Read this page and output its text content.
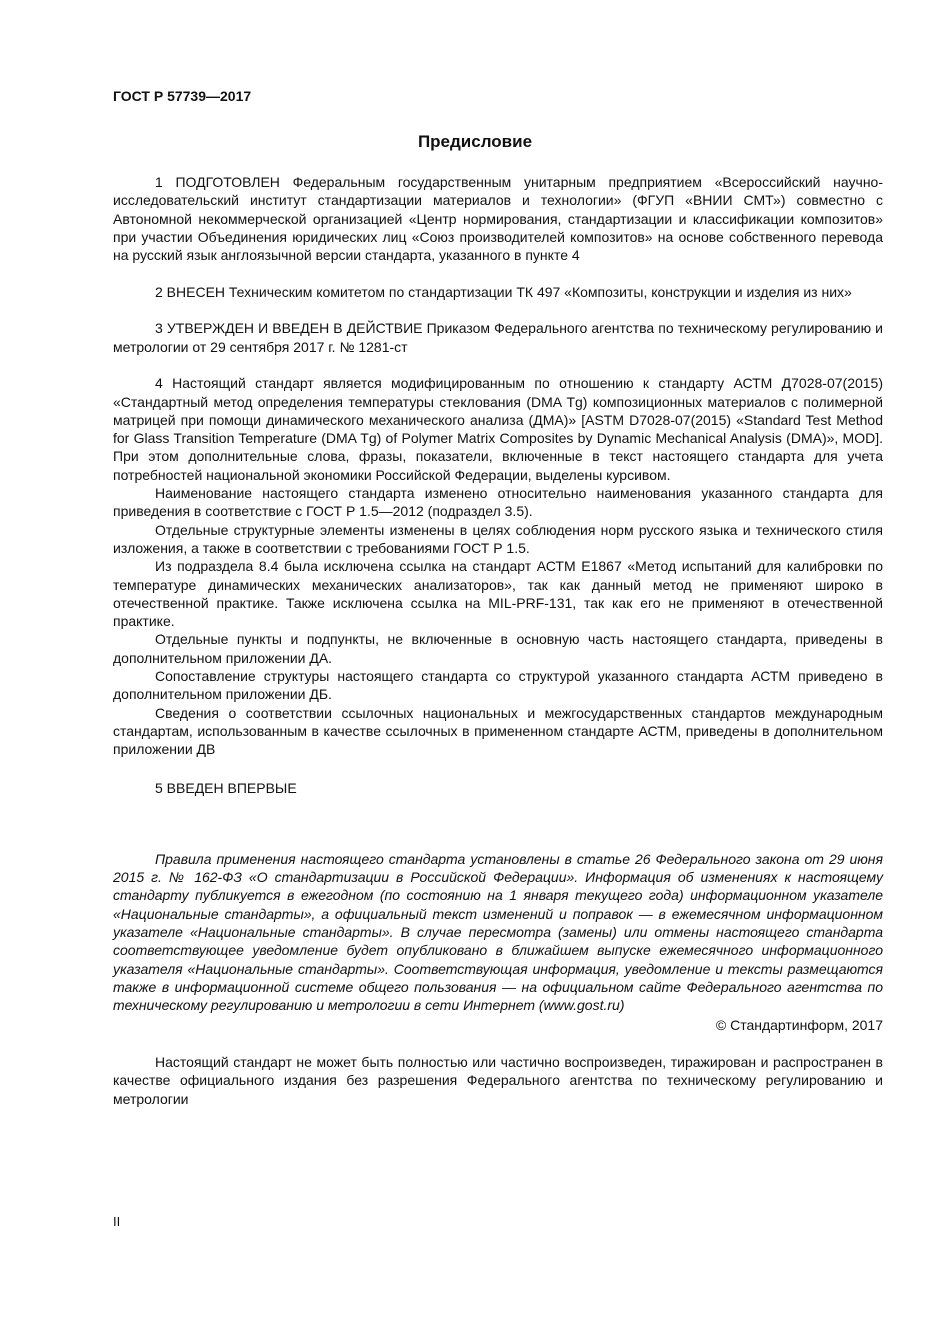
ГОСТ Р 57739—2017
Предисловие

1 ПОДГОТОВЛЕН Федеральным государственным унитарным предприятием «Всероссийский научно-исследовательский институт стандартизации материалов и технологии» (ФГУП «ВНИИ СМТ») совместно с Автономной некоммерческой организацией «Центр нормирования, стандартизации и классификации композитов» при участии Объединения юридических лиц «Союз производителей композитов» на основе собственного перевода на русский язык англоязычной версии стандарта, указанного в пункте 4

2 ВНЕСЕН Техническим комитетом по стандартизации ТК 497 «Композиты, конструкции и изделия из них»

3 УТВЕРЖДЕН И ВВЕДЕН В ДЕЙСТВИЕ Приказом Федерального агентства по техническому регулированию и метрологии от 29 сентября 2017 г. № 1281-ст

4 Настоящий стандарт является модифицированным по отношению к стандарту АСТМ Д7028-07(2015) «Стандартный метод определения температуры стеклования (DMA Tg) композиционных материалов с полимерной матрицей при помощи динамического механического анализа (ДМА)» [ASTM D7028-07(2015) «Standard Test Method for Glass Transition Temperature (DMA Tg) of Polymer Matrix Composites by Dynamic Mechanical Analysis (DMA)», MOD]. При этом дополнительные слова, фразы, показатели, включенные в текст настоящего стандарта для учета потребностей национальной экономики Российской Федерации, выделены курсивом.

Наименование настоящего стандарта изменено относительно наименования указанного стандарта для приведения в соответствие с ГОСТ Р 1.5—2012 (подраздел 3.5).

Отдельные структурные элементы изменены в целях соблюдения норм русского языка и технического стиля изложения, а также в соответствии с требованиями ГОСТ Р 1.5.

Из подраздела 8.4 была исключена ссылка на стандарт АСТМ Е1867 «Метод испытаний для калибровки по температуре динамических механических анализаторов», так как данный метод не применяют широко в отечественной практике. Также исключена ссылка на MIL-PRF-131, так как его не применяют в отечественной практике.

Отдельные пункты и подпункты, не включенные в основную часть настоящего стандарта, приведены в дополнительном приложении ДА.

Сопоставление структуры настоящего стандарта со структурой указанного стандарта АСТМ приведено в дополнительном приложении ДБ.

Сведения о соответствии ссылочных национальных и межгосударственных стандартов международным стандартам, использованным в качестве ссылочных в примененном стандарте АСТМ, приведены в дополнительном приложении ДВ

5 ВВЕДЕН ВПЕРВЫЕ

Правила применения настоящего стандарта установлены в статье 26 Федерального закона от 29 июня 2015 г. № 162-ФЗ «О стандартизации в Российской Федерации». Информация об изменениях к настоящему стандарту публикуется в ежегодном (по состоянию на 1 января текущего года) информационном указателе «Национальные стандарты», а официальный текст изменений и поправок — в ежемесячном информационном указателе «Национальные стандарты». В случае пересмотра (замены) или отмены настоящего стандарта соответствующее уведомление будет опубликовано в ближайшем выпуске ежемесячного информационного указателя «Национальные стандарты». Соответствующая информация, уведомление и тексты размещаются также в информационной системе общего пользования — на официальном сайте Федерального агентства по техническому регулированию и метрологии в сети Интернет (www.gost.ru)

© Стандартинформ, 2017

Настоящий стандарт не может быть полностью или частично воспроизведен, тиражирован и распространен в качестве официального издания без разрешения Федерального агентства по техническому регулированию и метрологии

II
